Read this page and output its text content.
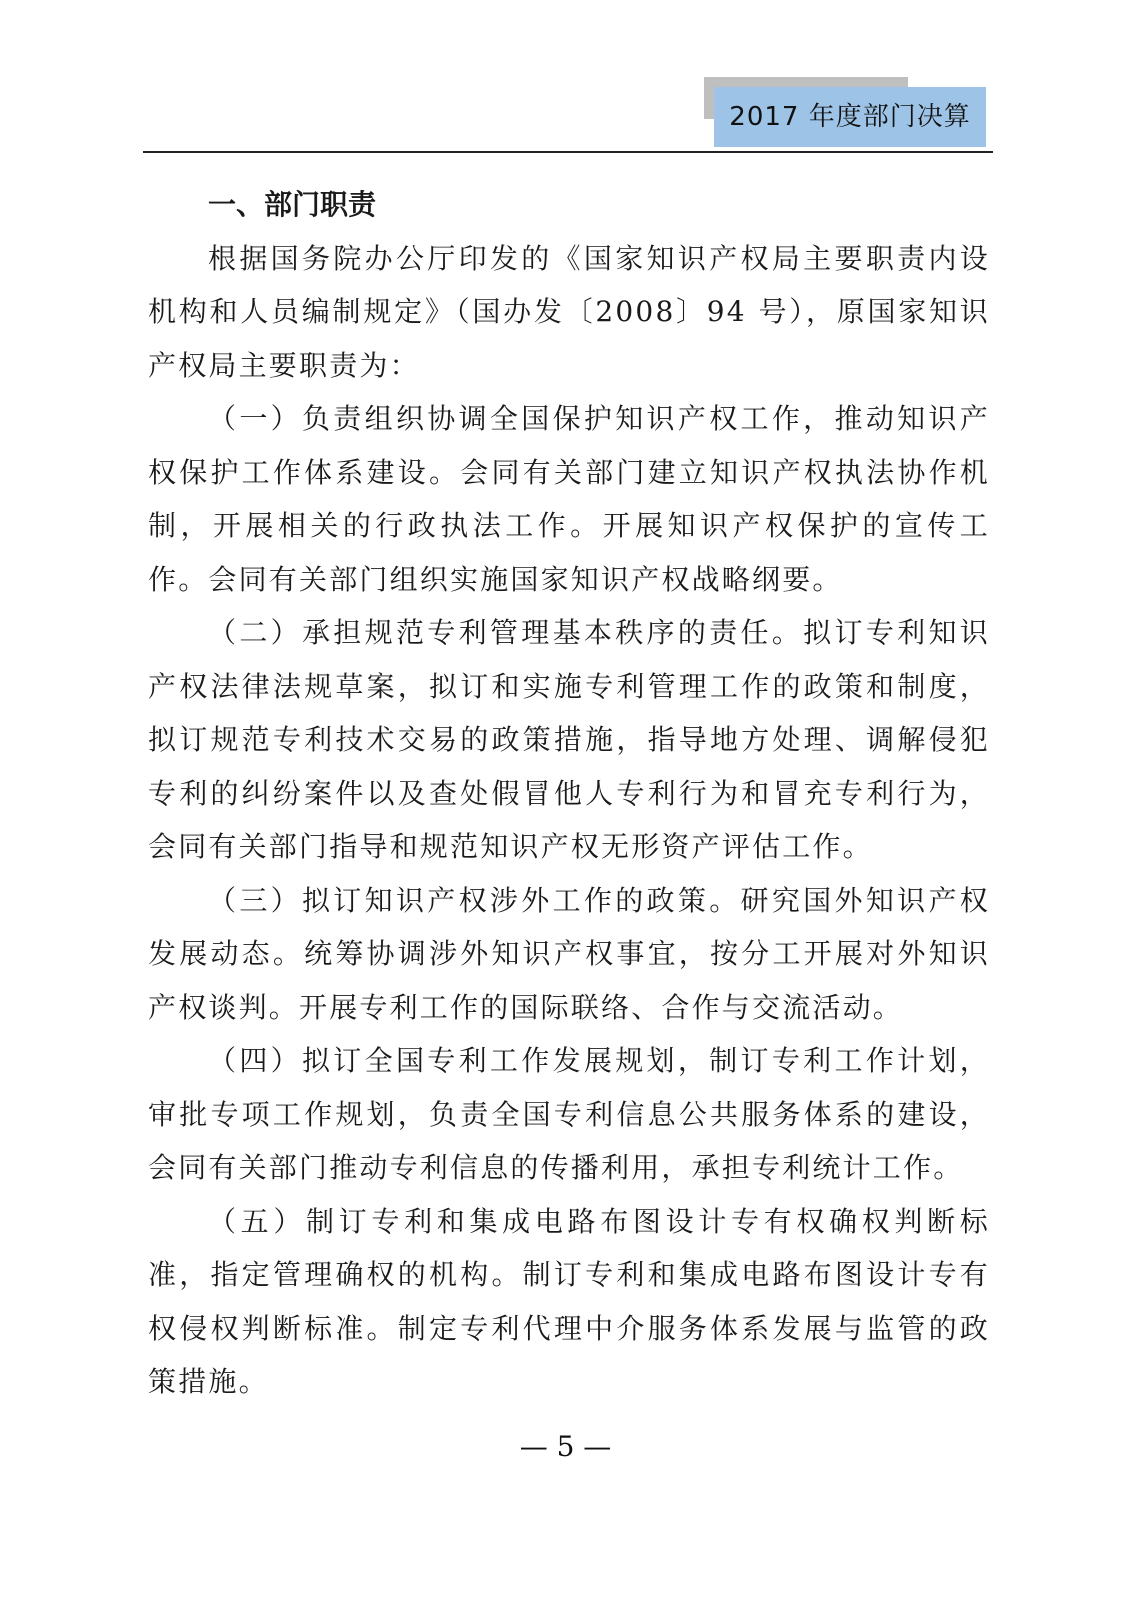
2017 年度部门决算

一、部门职责

根据国务院办公厅印发的《国家知识产权局主要职责内设机构和人员编制规定》（国办发〔2008〕94 号），原国家知识产权局主要职责为：

（一）负责组织协调全国保护知识产权工作，推动知识产权保护工作体系建设。会同有关部门建立知识产权执法协作机制，开展相关的行政执法工作。开展知识产权保护的宣传工作。会同有关部门组织实施国家知识产权战略纲要。

（二）承担规范专利管理基本秩序的责任。拟订专利知识产权法律法规草案，拟订和实施专利管理工作的政策和制度，拟订规范专利技术交易的政策措施，指导地方处理、调解侵犯专利的纠纷案件以及查处假冒他人专利行为和冒充专利行为，会同有关部门指导和规范知识产权无形资产评估工作。

（三）拟订知识产权涉外工作的政策。研究国外知识产权发展动态。统筹协调涉外知识产权事宜，按分工开展对外知识产权谈判。开展专利工作的国际联络、合作与交流活动。

（四）拟订全国专利工作发展规划，制订专利工作计划，审批专项工作规划，负责全国专利信息公共服务体系的建设，会同有关部门推动专利信息的传播利用，承担专利统计工作。

（五）制订专利和集成电路布图设计专有权确权判断标准，指定管理确权的机构。制订专利和集成电路布图设计专有权侵权判断标准。制定专利代理中介服务体系发展与监管的政策措施。

— 5 —
